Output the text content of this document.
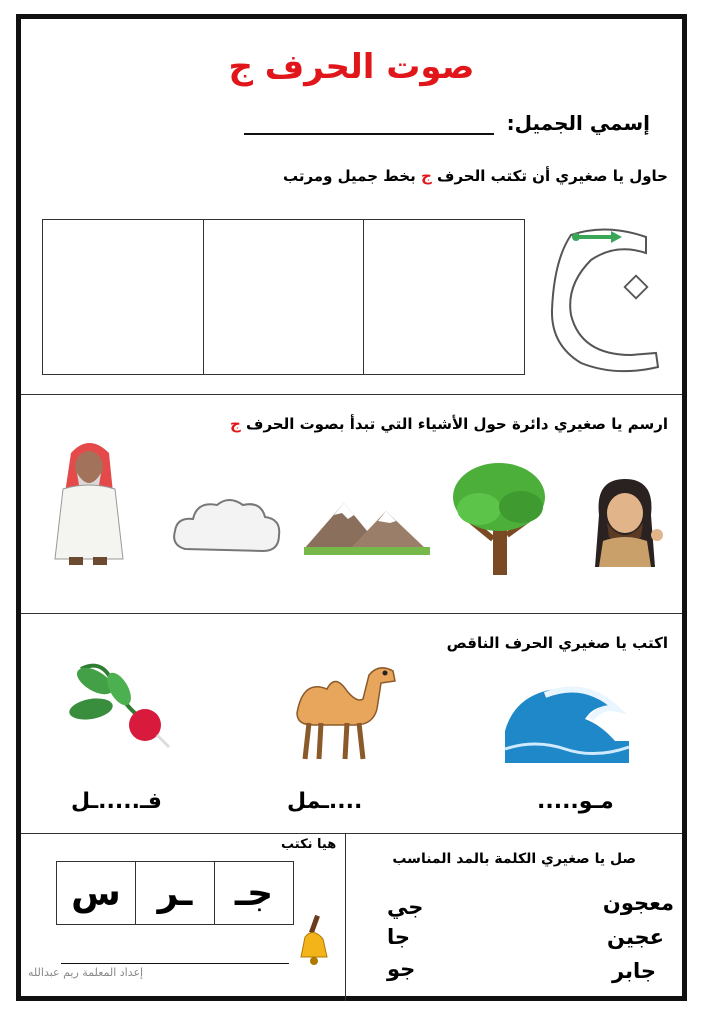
صوت الحرف ج
إسمي الجميل:
حاول يا صغيري أن تكتب الحرف ج بخط جميل ومرتب
ارسم يا صغيري دائرة حول الأشياء التي تبدأ بصوت الحرف ج
اكتب يا صغيري الحرف الناقص
فـ.....ـل	....ـمل	مـو.....
هيا نكتب
جـ
ـر
س
صل يا صغيري الكلمة بالمد المناسب
معجون
عجين
جابر
جي
جا
جو
إعداد المعلمة ريم عبدالله
